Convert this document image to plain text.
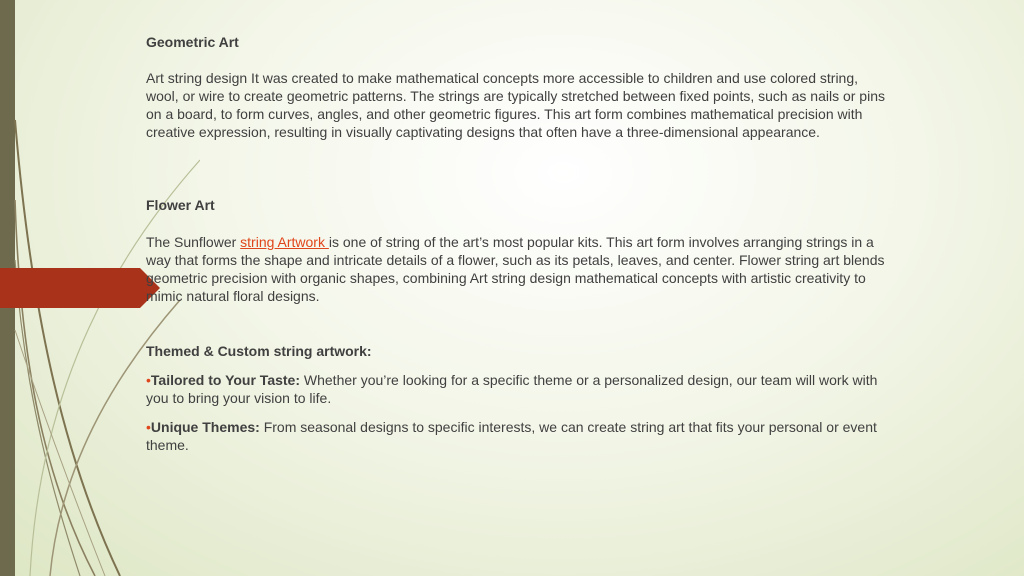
Geometric Art

Art string design It was created to make mathematical concepts more accessible to children and use colored string, wool, or wire to create geometric patterns. The strings are typically stretched between fixed points, such as nails or pins on a board, to form curves, angles, and other geometric figures. This art form combines mathematical precision with creative expression, resulting in visually captivating designs that often have a three-dimensional appearance.

Flower Art

The Sunflower string Artwork is one of string of the art’s most popular kits. This art form involves arranging strings in a way that forms the shape and intricate details of a flower, such as its petals, leaves, and center. Flower string art blends geometric precision with organic shapes, combining Art string design mathematical concepts with artistic creativity to mimic natural floral designs.

Themed & Custom string artwork:

•Tailored to Your Taste: Whether you’re looking for a specific theme or a personalized design, our team will work with you to bring your vision to life.

•Unique Themes: From seasonal designs to specific interests, we can create string art that fits your personal or event theme.
